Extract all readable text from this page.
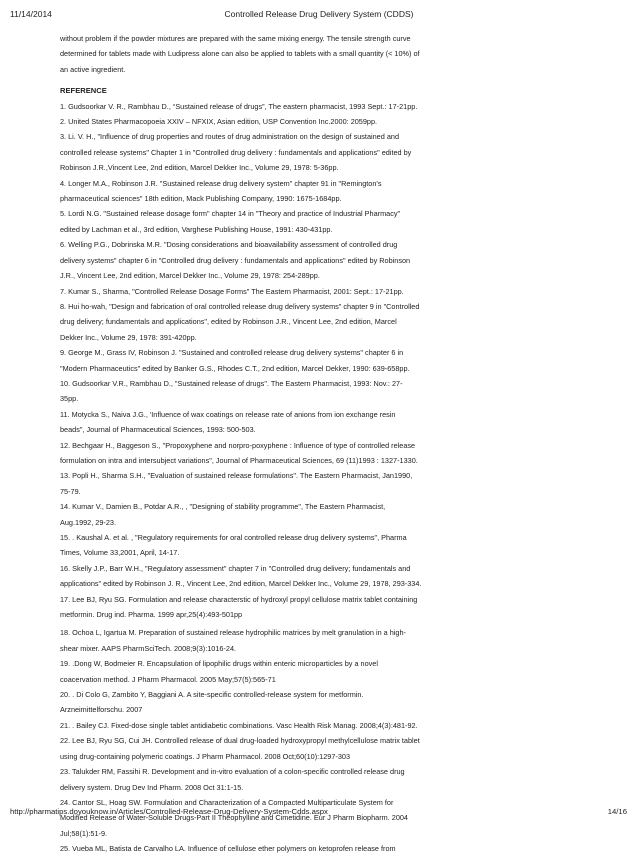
11/14/2014	Controlled Release Drug Delivery System (CDDS)

without problem if the powder mixtures are prepared with the same mixing energy. The tensile strength curve

determined for tablets made with Ludipress alone can also be applied to tablets with a small quantity (< 10%) of

an active ingredient.

REFERENCE

1. Gudsoorkar V. R., Rambhau D., “Sustained release of drugs”, The eastern pharmacist, 1993 Sept.: 17-21pp.

2. United States Pharmacopoeia XXIV – NFXIX, Asian edition, USP Convention Inc.2000: 2059pp.

3. Li. V. H., "Influence of drug properties and routes of drug administration on the design of sustained and

controlled release systems" Chapter 1 in "Controlled drug delivery : fundamentals and applications" edited by

Robinson J.R.,Vincent Lee, 2nd edition, Marcel Dekker Inc., Volume 29, 1978: 5-36pp.

4. Longer M.A., Robinson J.R. "Sustained release drug delivery system" chapter 91 in "Remington's

pharmaceutical sciences" 18th edition, Mack Publishing Company, 1990: 1675-1684pp.

5. Lordi N.G. "Sustained release dosage form" chapter 14 in "Theory and practice of Industrial Pharmacy"

edited by Lachman et al., 3rd edition, Varghese Publishing House, 1991: 430-431pp.

6. Welling P.G., Dobrinska M.R. "Dosing considerations and bioavailability assessment of controlled drug

delivery systems" chapter 6 in "Controlled drug delivery : fundamentals and applications" edited by Robinson

J.R., Vincent Lee, 2nd edition, Marcel Dekker Inc., Volume 29, 1978: 254-289pp.

7. Kumar S., Sharma, "Controlled Release Dosage Forms" The Eastern Pharmacist, 2001: Sept.: 17-21pp.

8. Hui ho-wah, "Design and fabrication of oral controlled release drug delivery systems" chapter 9 in "Controlled

drug delivery; fundamentals and applications", edited by Robinson J.R., Vincent Lee, 2nd edition, Marcel

Dekker Inc., Volume 29, 1978: 391-420pp.

9. George M., Grass IV, Robinson J. "Sustained and controlled release drug delivery systems" chapter 6 in

"Modern Pharmaceutics" edited by Banker G.S., Rhodes C.T., 2nd edition, Marcel Dekker, 1990: 639-658pp.

10. Gudsoorkar V.R., Rambhau D., "Sustained release of drugs". The Eastern Pharmacist, 1993: Nov.: 27-

35pp.

11. Motycka S., Naiva J.G., 'Influence of wax coatings on release rate of anions from ion exchange resin

beads", Journal of Pharmaceutical Sciences, 1993: 500-503.

12. Bechgaar H., Baggeson S., "Propoxyphene and norpro-poxyphene : Influence of type of controlled release

formulation on intra and intersubject variations", Journal of Pharmaceutical Sciences, 69 (11)1993 : 1327-1330.

13. Popli H., Sharma S.H., "Evaluation of sustained release formulations". The Eastern Pharmacist, Jan1990,

75-79.

14. Kumar V., Damien B., Potdar A.R., , "Designing of stability programme", The Eastern Pharmacist,

Aug.1992, 29-23.

15. . Kaushal A. et al. , "Regulatory requirements for oral controlled release drug delivery systems", Pharma

Times, Volume 33,2001, April, 14-17.

16. Skelly J.P., Barr W.H., "Regulatory assessment" chapter 7 in "Controlled drug delivery; fundamentals and

applications" edited by Robinson J. R., Vincent Lee, 2nd edition, Marcel Dekker Inc., Volume 29, 1978, 293-334.

17. Lee BJ, Ryu SG. Formulation and release characterstic of hydroxyl propyl cellulose matrix tablet containing

metformin. Drug ind. Pharma. 1999 apr,25(4):493-501pp

18. Ochoa L, Igartua M. Preparation of sustained release hydrophilic matrices by melt granulation in a high-

shear mixer. AAPS PharmSciTech. 2008;9(3):1016-24.

19. .Dong W, Bodmeier R. Encapsulation of lipophilic drugs within enteric microparticles by a novel

coacervation method. J Pharm Pharmacol. 2005 May;57(5):565-71

20. . Di Colo G, Zambito Y, Baggiani A. A site-specific controlled-release system for metformin.

Arzneimittelforschu. 2007

21. . Bailey CJ. Fixed-dose single tablet antidiabetic combinations. Vasc Health Risk Manag. 2008;4(3):481-92.

22. Lee BJ, Ryu SG, Cui JH. Controlled release of dual drug-loaded hydroxypropyl methylcellulose matrix tablet

using drug-containing polymeric coatings. J Pharm Pharmacol. 2008 Oct;60(10):1297-303

23. Talukder RM, Fassihi R. Development and in-vitro evaluation of a colon-specific controlled release drug

delivery system. Drug Dev Ind Pharm. 2008 Oct 31:1-15.

24. Cantor SL, Hoag SW. Formulation and Characterization of a Compacted Multiparticulate System for

Modified Release of Water-Soluble Drugs-Part II Theophylline and Cimetidine. Eur J Pharm Biopharm. 2004

Jul;58(1):51-9.

25. Vueba ML, Batista de Carvalho LA. Influence of cellulose ether polymers on ketoprofen release from

http://pharmatips.doyouknow.in/Articles/Controlled-Release-Drug-Delivery-System-Cdds.aspx	14/16
